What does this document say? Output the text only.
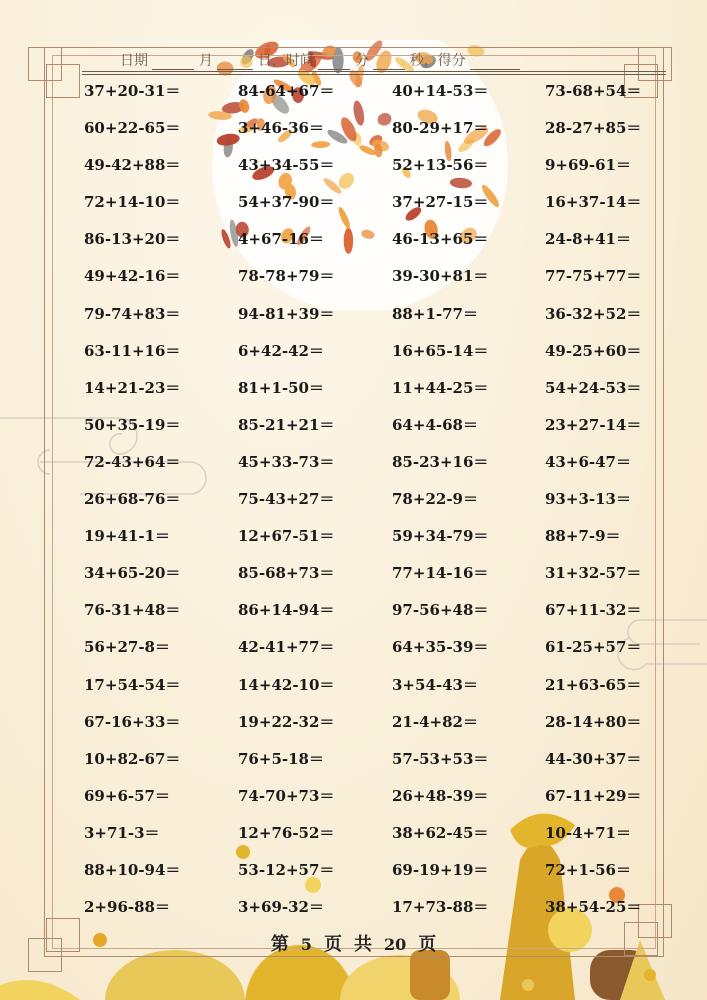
日期	月	日，时间	分	秒，得分
37+20-31＝	84-64+67＝	40+14-53＝	73-68+54＝
60+22-65＝	3+46-36＝	80-29+17＝	28-27+85＝
49-42+88＝	43+34-55＝	52+13-56＝	9+69-61＝
72+14-10＝	54+37-90＝	37+27-15＝	16+37-14＝
86-13+20＝	4+67-16＝	46-13+65＝	24-8+41＝
49+42-16＝	78-78+79＝	39-30+81＝	77-75+77＝
79-74+83＝	94-81+39＝	88+1-77＝	36-32+52＝
63-11+16＝	6+42-42＝	16+65-14＝	49-25+60＝
14+21-23＝	81+1-50＝	11+44-25＝	54+24-53＝
50+35-19＝	85-21+21＝	64+4-68＝	23+27-14＝
72-43+64＝	45+33-73＝	85-23+16＝	43+6-47＝
26+68-76＝	75-43+27＝	78+22-9＝	93+3-13＝
19+41-1＝	12+67-51＝	59+34-79＝	88+7-9＝
34+65-20＝	85-68+73＝	77+14-16＝	31+32-57＝
76-31+48＝	86+14-94＝	97-56+48＝	67+11-32＝
56+27-8＝	42-41+77＝	64+35-39＝	61-25+57＝
17+54-54＝	14+42-10＝	3+54-43＝	21+63-65＝
67-16+33＝	19+22-32＝	21-4+82＝	28-14+80＝
10+82-67＝	76+5-18＝	57-53+53＝	44-30+37＝
69+6-57＝	74-70+73＝	26+48-39＝	67-11+29＝
3+71-3＝	12+76-52＝	38+62-45＝	10-4+71＝
88+10-94＝	53-12+57＝	69-19+19＝	72+1-56＝
2+96-88＝	3+69-32＝	17+73-88＝	38+54-25＝
第 5 页 共 20 页
